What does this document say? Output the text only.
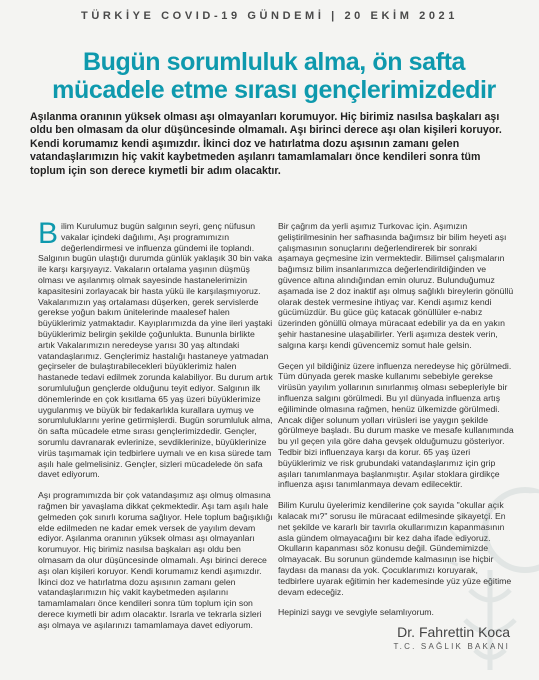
TÜRKİYE COVID-19 GÜNDEMİ | 20 EKİM 2021
Bugün sorumluluk alma, ön safta
mücadele etme sırası gençlerimizdedir
Aşılanma oranının yüksek olması aşı olmayanları korumuyor. Hiç birimiz nasılsa başkaları aşı oldu ben olmasam da olur düşüncesinde olmamalı. Aşı birinci derece aşı olan kişileri koruyor. Kendi korumamız kendi aşımızdır. İkinci doz ve hatırlatma dozu aşısının zamanı gelen vatandaşlarımızın hiç vakit kaybetmeden aşılanrı tamamlamaları önce kendileri sonra tüm toplum için son derece kıymetli bir adım olacaktır.

Bilim Kurulumuz bugün salgının seyri, genç nüfusun vakalar içindeki dağılımı, Aşı programımızın değerlendirmesi ve influenza gündemi ile toplandı. Salgının bugün ulaştığı durumda günlük yaklaşık 30 bin vaka ile karşı karşıyayız. Vakaların ortalama yaşının düşmüş olması ve aşılanmış olmak sayesinde hastanelerimizin kapasitesini zorlayacak bir hasta yükü ile karşılaşmıyoruz. Vakalarımızın yaş ortalaması düşerken, gerek servislerde gerekse yoğun bakım ünitelerinde maalesef halen büyüklerimiz yatmaktadır. Kayıplarımızda da yine ileri yaştaki büyüklerimiz belirgin şekilde çoğunlukta. Bununla birlikte artık Vakalarımızın neredeyse yarısı 30 yaş altındaki vatandaşlarımız. Gençlerimiz hastalığı hastaneye yatmadan geçirseler de bulaştırabilecekleri büyüklerimiz halen hastanede tedavi edilmek zorunda kalabiliyor. Bu durum artık sorumluluğun gençlerde olduğunu teyit ediyor. Salgının ilk dönemlerinde en çok kısıtlama 65 yaş üzeri büyüklerimize uygulanmış ve büyük bir fedakarlıkla kurallara uymuş ve sorumluluklarını yerine getirmişlerdi. Bugün sorumluluk alma, ön safta mücadele etme sırası gençlerimizdedir. Gençler, sorumlu davranarak evlerinize, sevdiklerinize, büyüklerinize virüs taşımamak için tedbirlere uymalı ve en kısa sürede tam aşılı hale gelmelisiniz. Gençler, sizleri mücadelede ön safa davet ediyorum.

Aşı programımızda bir çok vatandaşımız aşı olmuş olmasına rağmen bir yavaşlama dikkat çekmektedir. Aşı tam aşılı hale gelmeden çok sınırlı koruma sağlıyor. Hele toplum bağışıklığı elde edilmeden ne kadar emek versek de yayılım devam ediyor. Aşılanma oranının yüksek olması aşı olmayanları korumuyor. Hiç birimiz nasılsa başkaları aşı oldu ben olmasam da olur düşüncesinde olmamalı. Aşı birinci derece aşı olan kişileri koruyor. Kendi korumamız kendi aşımızdır. İkinci doz ve hatırlatma dozu aşısının zamanı gelen vatandaşlarımızın hiç vakit kaybetmeden aşılarını tamamlamaları önce kendileri sonra tüm toplum için son derece kıymetli bir adım olacaktır. Israrla ve tekrarla sizleri aşı olmaya ve aşılarınızı tamamlamaya davet ediyorum.

Bir çağrım da yerli aşımız Turkovac için. Aşımızın geliştirilmesinin her safhasında bağımsız bir bilim heyeti aşı çalışmasının sonuçlarını değerlendirerek bir sonraki aşamaya geçmesine izin vermektedir. Bilimsel çalışmaların bağımsız bilim insanlarımızca değerlendirildiğinden ve güvence altına alındığından emin oluruz. Bulunduğumuz aşamada ise 2 doz inaktif aşı olmuş sağlıklı bireylerin gönüllü olarak destek vermesine ihtiyaç var. Kendi aşımız kendi gücümüzdür. Bu güce güç katacak gönüllüler e-nabız üzerinden gönüllü olmaya müracaat edebilir ya da en yakın şehir hastanesine ulaşabilirler. Yerli aşımıza destek verin, salgına karşı kendi güvencemiz somut hale gelsin.

Geçen yıl bildiğiniz üzere influenza neredeyse hiç görülmedi. Tüm dünyada gerek maske kullanımı sebebiyle gerekse virüsün yayılım yollarının sınırlanmış olması sebepleriyle bir influenza salgını görülmedi. Bu yıl dünyada influenza artış eğiliminde olmasına rağmen, henüz ülkemizde görülmedi. Ancak diğer solunum yolları virüsleri ise yaygın şekilde görülmeye başladı. Bu durum maske ve mesafe kullanımında bu yıl geçen yıla göre daha gevşek olduğumuzu gösteriyor. Tedbir bizi influenzaya karşı da korur. 65 yaş üzeri büyüklerimiz ve risk grubundaki vatandaşlarımız için grip aşıları tanımlanmaya başlanmıştır. Aşılar stoklara girdikçe influenza aşısı tanımlanmaya devam edilecektir.

Bilim Kurulu üyelerimiz kendilerine çok sayıda "okullar açık kalacak mı?" sorusu ile müracaat edilmesinde şikayetçi. En net şekilde ve kararlı bir tavırla okullarımızın kapanmasının asla gündem olmayacağını bir kez daha ifade ediyoruz. Okulların kapanması söz konusu değil. Gündemimizde olmayacak. Bu sorunun gündemde kalmasının ise hiçbir faydası da manası da yok. Çocuklarımızı koruyarak, tedbirlere uyarak eğitimin her kademesinde yüz yüze eğitime devam edeceğiz.

Hepinizi saygı ve sevgiyle selamlıyorum.

Dr. Fahrettin Koca
T.C. SAĞLIK BAKANI
